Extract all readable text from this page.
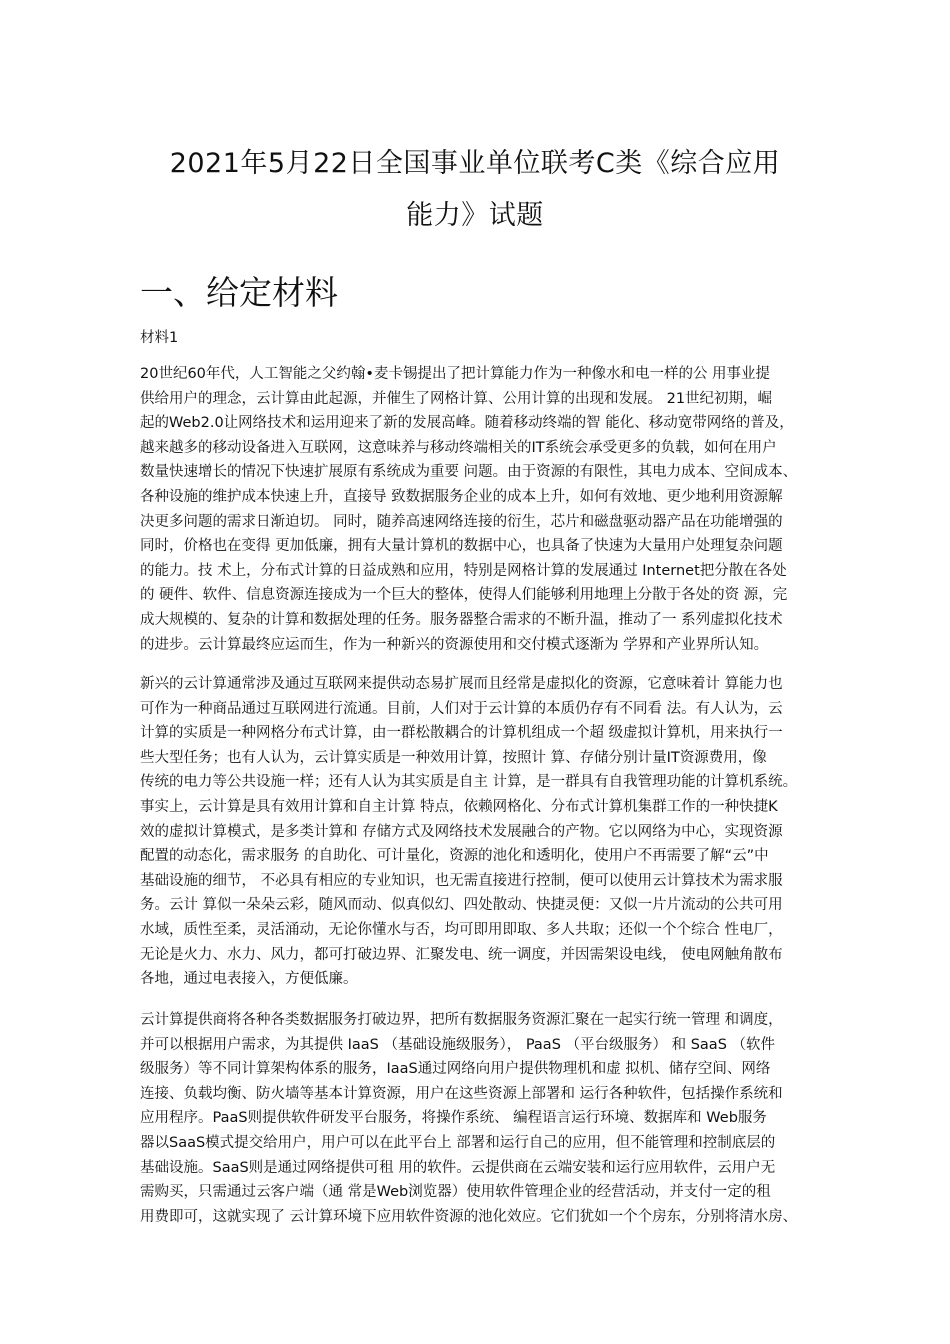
2021年5月22日全国事业单位联考C类《综合应用
能力》试题
一、给定材料
材料1
20世纪60年代，人工智能之父约翰•麦卡锡提出了把计算能力作为一种像水和电一样的公 用事业提
供给用户的理念，云计算由此起源，并催生了网格计算、公用计算的出现和发展。 21世纪初期，崛
起的Web2.0让网络技术和运用迎来了新的发展高峰。随着移动终端的智 能化、移动宽带网络的普及，
越来越多的移动设备进入互联网，这意味养与移动终端相关的IT系统会承受更多的负载，如何在用户
数量快速增长的情况下快速扩展原有系统成为重要 问题。由于资源的有限性，其电力成本、空间成本、
各种设施的维护成本快速上升，直接导 致数据服务企业的成本上升，如何有效地、更少地利用资源解
决更多问题的需求日渐迫切。 同时，随养高速网络连接的衍生，芯片和磁盘驱动器产品在功能增强的
同时，价格也在变得 更加低廉，拥有大量计算机的数据中心，也具备了快速为大量用户处理复杂问题
的能力。技 术上，分布式计算的日益成熟和应用，特别是网格计算的发展通过 Internet把分散在各处
的 硬件、软件、信息资源连接成为一个巨大的整体，使得人们能够利用地理上分散于各处的资 源，完
成大规模的、复杂的计算和数据处理的任务。服务器整合需求的不断升温，推动了一 系列虚拟化技术
的进步。云计算最终应运而生，作为一种新兴的资源使用和交付模式逐渐为 学界和产业界所认知。
新兴的云计算通常涉及通过互联网来提供动态易扩展而且经常是虚拟化的资源，它意味着计 算能力也
可作为一种商品通过互联网进行流通。目前，人们对于云计算的本质仍存有不同看 法。有人认为，云
计算的实质是一种网格分布式计算，由一群松散耦合的计算机组成一个超 级虚拟计算机，用来执行一
些大型任务；也有人认为，云计算实质是一种效用计算，按照计 算、存储分别计量IT资源费用，像
传统的电力等公共设施一样；还有人认为其实质是自主 计算，是一群具有自我管理功能的计算机系统。
事实上，云计算是具有效用计算和自主计算 特点，依赖网格化、分布式计算机集群工作的一种快捷K
效的虚拟计算模式，是多类计算和 存储方式及网络技术发展融合的产物。它以网络为中心，实现资源
配置的动态化，需求服务 的自助化、可计量化，资源的池化和透明化，使用户不再需要了解“云”中
基础设施的细节， 不必具有相应的专业知识，也无需直接进行控制，便可以使用云计算技术为需求服
务。云计 算似一朵朵云彩，随风而动、似真似幻、四处散动、快捷灵便：又似一片片流动的公共可用
水域，质性至柔，灵活涌动，无论你懂水与否，均可即用即取、多人共取；还似一个个综合 性电厂，
无论是火力、水力、风力，都可打破边界、汇聚发电、统一调度，并因需架设电线， 使电网触角散布
各地，通过电表接入，方便低廉。
云计算提供商将各种各类数据服务打破边界，把所有数据服务资源汇聚在一起实行统一管理 和调度，
并可以根据用户需求，为其提供 IaaS （基础设施级服务）， PaaS （平台级服务） 和 SaaS （软件
级服务）等不同计算架构体系的服务，IaaS通过网络向用户提供物理机和虚 拟机、储存空间、网络
连接、负载均衡、防火墙等基本计算资源，用户在这些资源上部署和 运行各种软件，包括操作系统和
应用程序。PaaS则提供软件研发平台服务，将操作系统、 编程语言运行环境、数据库和 Web服务
器以SaaS模式提交给用户，用户可以在此平台上 部署和运行自己的应用，但不能管理和控制底层的
基础设施。SaaS则是通过网络提供可租 用的软件。云提供商在云端安装和运行应用软件，云用户无
需购买，只需通过云客户端（通 常是Web浏览器）使用软件管理企业的经营活动，并支付一定的租
用费即可，这就实现了 云计算环境下应用软件资源的池化效应。它们犹如一个个房东，分别将清水房、
